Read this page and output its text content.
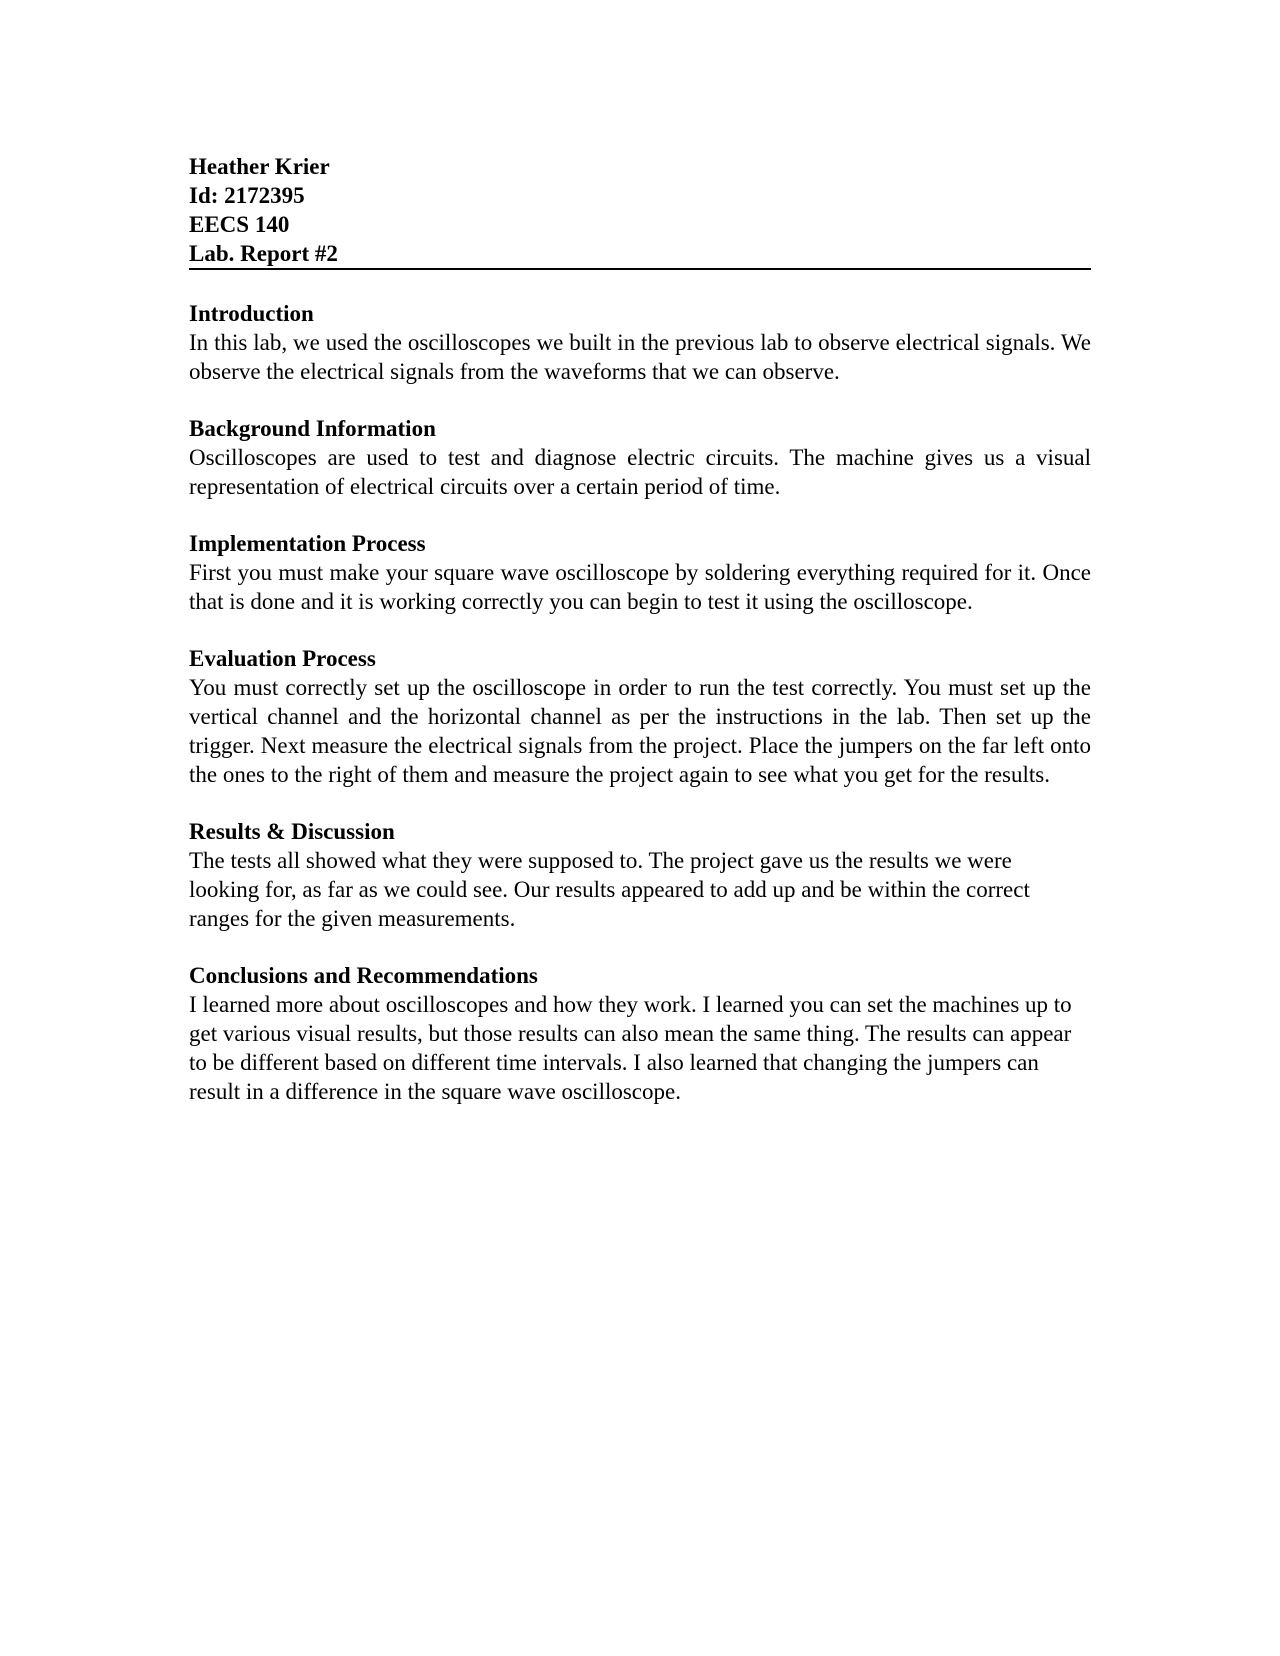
Heather Krier

Id: 2172395

EECS 140

Lab. Report #2

Introduction

In this lab, we used the oscilloscopes we built in the previous lab to observe electrical signals. We observe the electrical signals from the waveforms that we can observe.

Background Information

Oscilloscopes are used to test and diagnose electric circuits. The machine gives us a visual representation of electrical circuits over a certain period of time.

Implementation Process

First you must make your square wave oscilloscope by soldering everything required for it. Once that is done and it is working correctly you can begin to test it using the oscilloscope.

Evaluation Process

You must correctly set up the oscilloscope in order to run the test correctly. You must set up the vertical channel and the horizontal channel as per the instructions in the lab. Then set up the trigger. Next measure the electrical signals from the project. Place the jumpers on the far left onto the ones to the right of them and measure the project again to see what you get for the results.

Results & Discussion

The tests all showed what they were supposed to. The project gave us the results we were looking for, as far as we could see. Our results appeared to add up and be within the correct ranges for the given measurements.

Conclusions and Recommendations

I learned more about oscilloscopes and how they work. I learned you can set the machines up to get various visual results, but those results can also mean the same thing. The results can appear to be different based on different time intervals. I also learned that changing the jumpers can result in a difference in the square wave oscilloscope.
